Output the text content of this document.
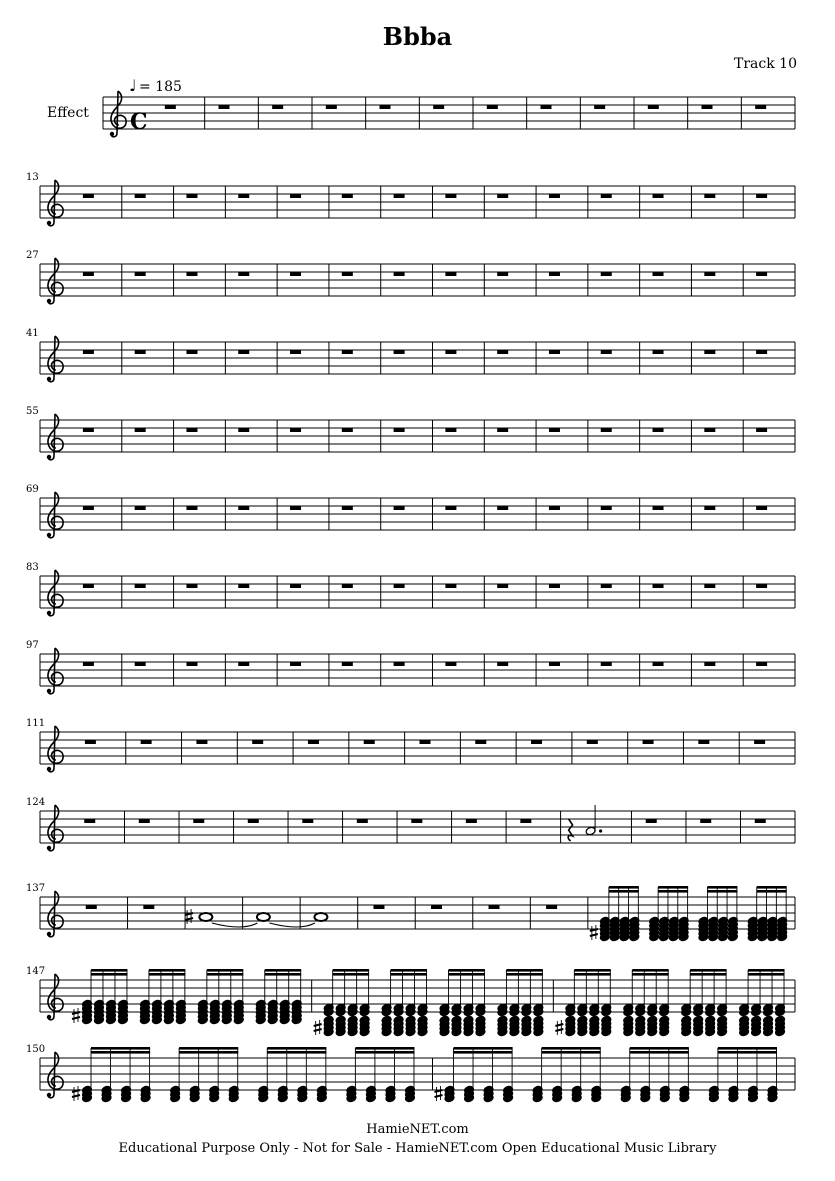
Bbba
Track 10
C
Effect
= 185
♩
13
27
41
55
69
83
97
111
124
137
147
150
HamieNET.com
Educational Purpose Only - Not for Sale - HamieNET.com Open Educational Music Library
